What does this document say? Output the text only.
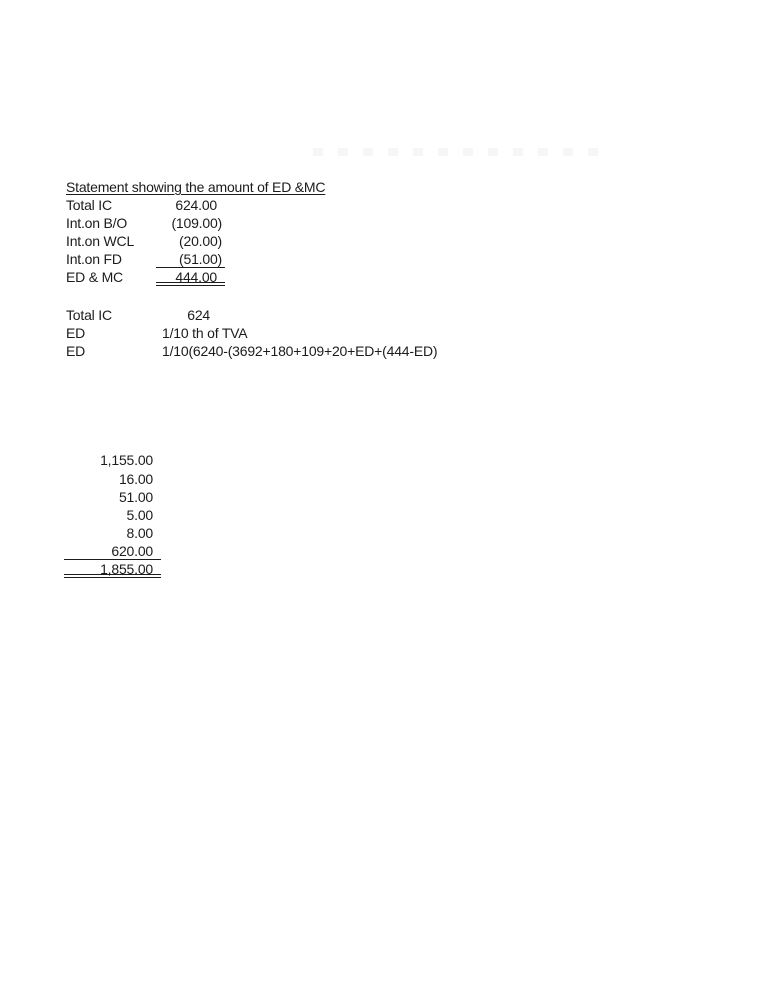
Statement showing the amount of ED &MC
Total IC	624.00
Int.on B/O	(109.00)
Int.on WCL	(20.00)
Int.on FD	(51.00)
ED & MC	444.00
Total IC	624
ED	1/10 th of TVA
ED	1/10(6240-(3692+180+109+20+ED+(444-ED)
1,155.00
16.00
51.00
5.00
8.00
620.00
1,855.00
